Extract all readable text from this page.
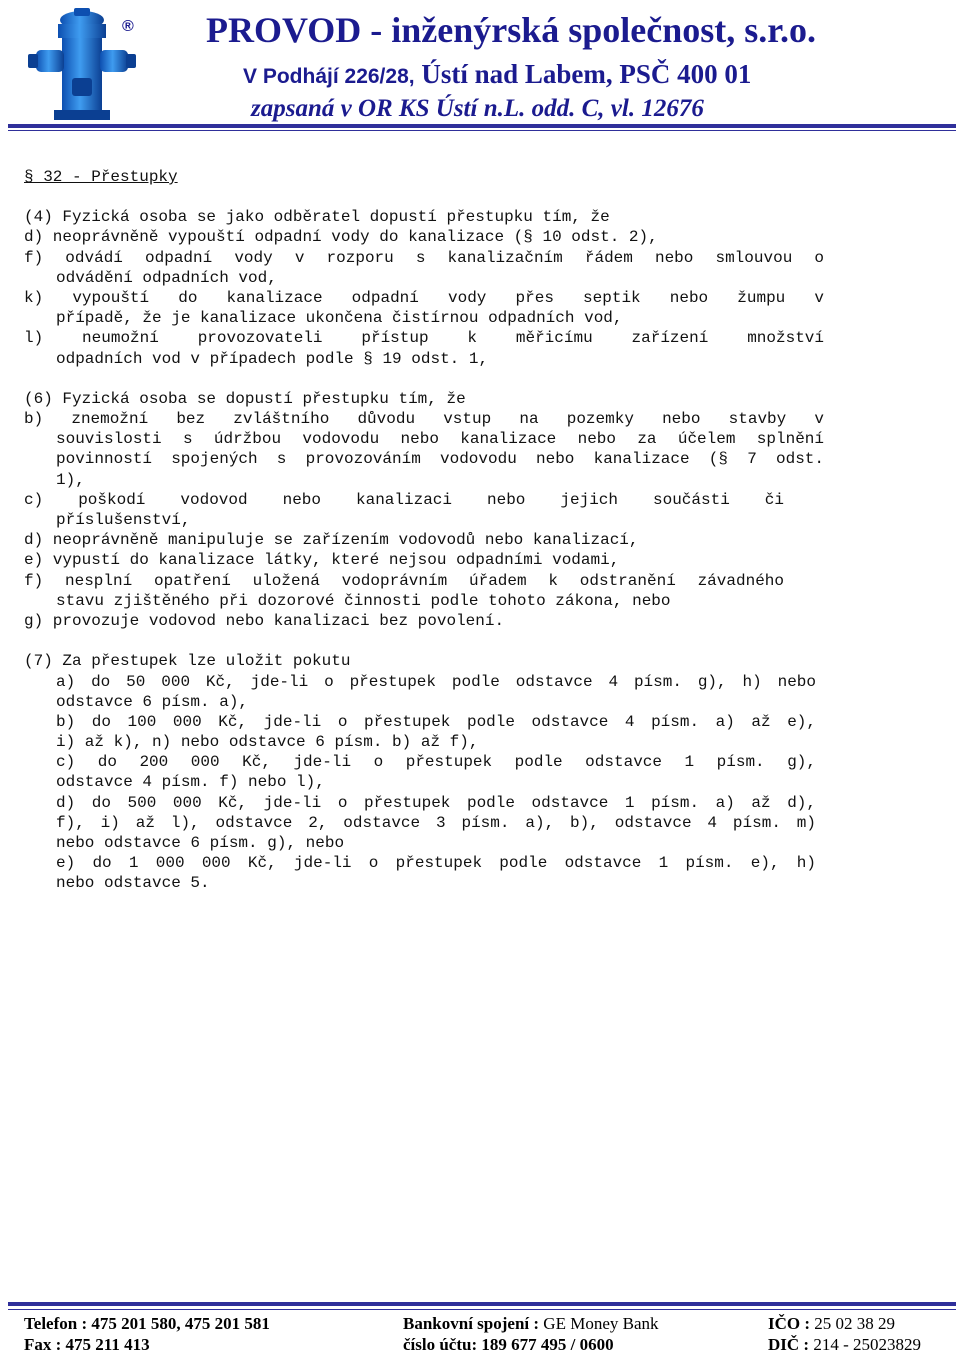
® PROVOD - inženýrská společnost, s.r.o.
V Podhájí 226/28, Ústí nad Labem, PSČ 400 01
zapsaná v OR KS Ústí n.L. odd. C, vl. 12676
§ 32 - Přestupky
(4) Fyzická osoba se jako odběratel dopustí přestupku tím, že
d) neoprávněně vypouští odpadní vody do kanalizace (§ 10 odst. 2),
f) odvádí odpadní vody v rozporu s kanalizačním řádem nebo smlouvou o
odvádění odpadních vod,
k) vypouští do kanalizace odpadní vody přes septik nebo žumpu v
případě, že je kanalizace ukončena čistírnou odpadních vod,
l) neumožní provozovateli přístup k měřicímu zařízení množství
odpadních vod v případech podle § 19 odst. 1,
(6) Fyzická osoba se dopustí přestupku tím, že
b) znemožní bez zvláštního důvodu vstup na pozemky nebo stavby v
souvislosti s údržbou vodovodu nebo kanalizace nebo za účelem splnění
povinností spojených s provozováním vodovodu nebo kanalizace (§ 7 odst.
1),
c) poškodí vodovod nebo kanalizaci nebo jejich součásti či
příslušenství,
d) neoprávněně manipuluje se zařízením vodovodů nebo kanalizací,
e) vypustí do kanalizace látky, které nejsou odpadními vodami,
f) nesplní opatření uložená vodoprávním úřadem k odstranění závadného
stavu zjištěného při dozorové činnosti podle tohoto zákona, nebo
g) provozuje vodovod nebo kanalizaci bez povolení.
(7) Za přestupek lze uložit pokutu
a) do 50 000 Kč, jde-li o přestupek podle odstavce 4 písm. g), h) nebo
odstavce 6 písm. a),
b) do 100 000 Kč, jde-li o přestupek podle odstavce 4 písm. a) až e),
i) až k), n) nebo odstavce 6 písm. b) až f),
c) do 200 000 Kč, jde-li o přestupek podle odstavce 1 písm. g),
odstavce 4 písm. f) nebo l),
d) do 500 000 Kč, jde-li o přestupek podle odstavce 1 písm. a) až d),
f), i) až l), odstavce 2, odstavce 3 písm. a), b), odstavce 4 písm. m)
nebo odstavce 6 písm. g), nebo
e) do 1 000 000 Kč, jde-li o přestupek podle odstavce 1 písm. e), h)
nebo odstavce 5.
Telefon : 475 201 580, 475 201 581
Fax : 475 211 413
Bankovní spojení : GE Money Bank
číslo účtu: 189 677 495 / 0600
IČO : 25 02 38 29
DIČ : 214 - 25023829
